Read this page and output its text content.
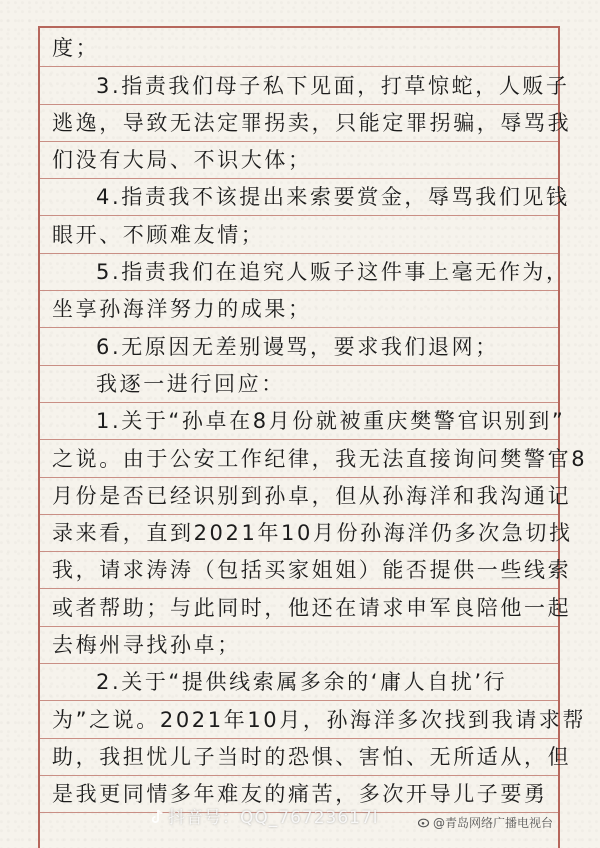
度；
3.指责我们母子私下见面，打草惊蛇，人贩子
逃逸，导致无法定罪拐卖，只能定罪拐骗，辱骂我
们没有大局、不识大体；
4.指责我不该提出来索要赏金，辱骂我们见钱
眼开、不顾难友情；
5.指责我们在追究人贩子这件事上毫无作为，
坐享孙海洋努力的成果；
6.无原因无差别谩骂，要求我们退网；
我逐一进行回应：
1.关于“孙卓在8月份就被重庆樊警官识别到”
之说。由于公安工作纪律，我无法直接询问樊警官8
月份是否已经识别到孙卓，但从孙海洋和我沟通记
录来看，直到2021年10月份孙海洋仍多次急切找
我，请求涛涛（包括买家姐姐）能否提供一些线索
或者帮助；与此同时，他还在请求申军良陪他一起
去梅州寻找孙卓；
2.关于“提供线索属多余的‘庸人自扰’行
为”之说。2021年10月，孙海洋多次找到我请求帮
助，我担忧儿子当时的恐惧、害怕、无所适从，但
是我更同情多年难友的痛苦，多次开导儿子要勇
抖音号：QQ_76723617l	@青岛网络广播电视台
